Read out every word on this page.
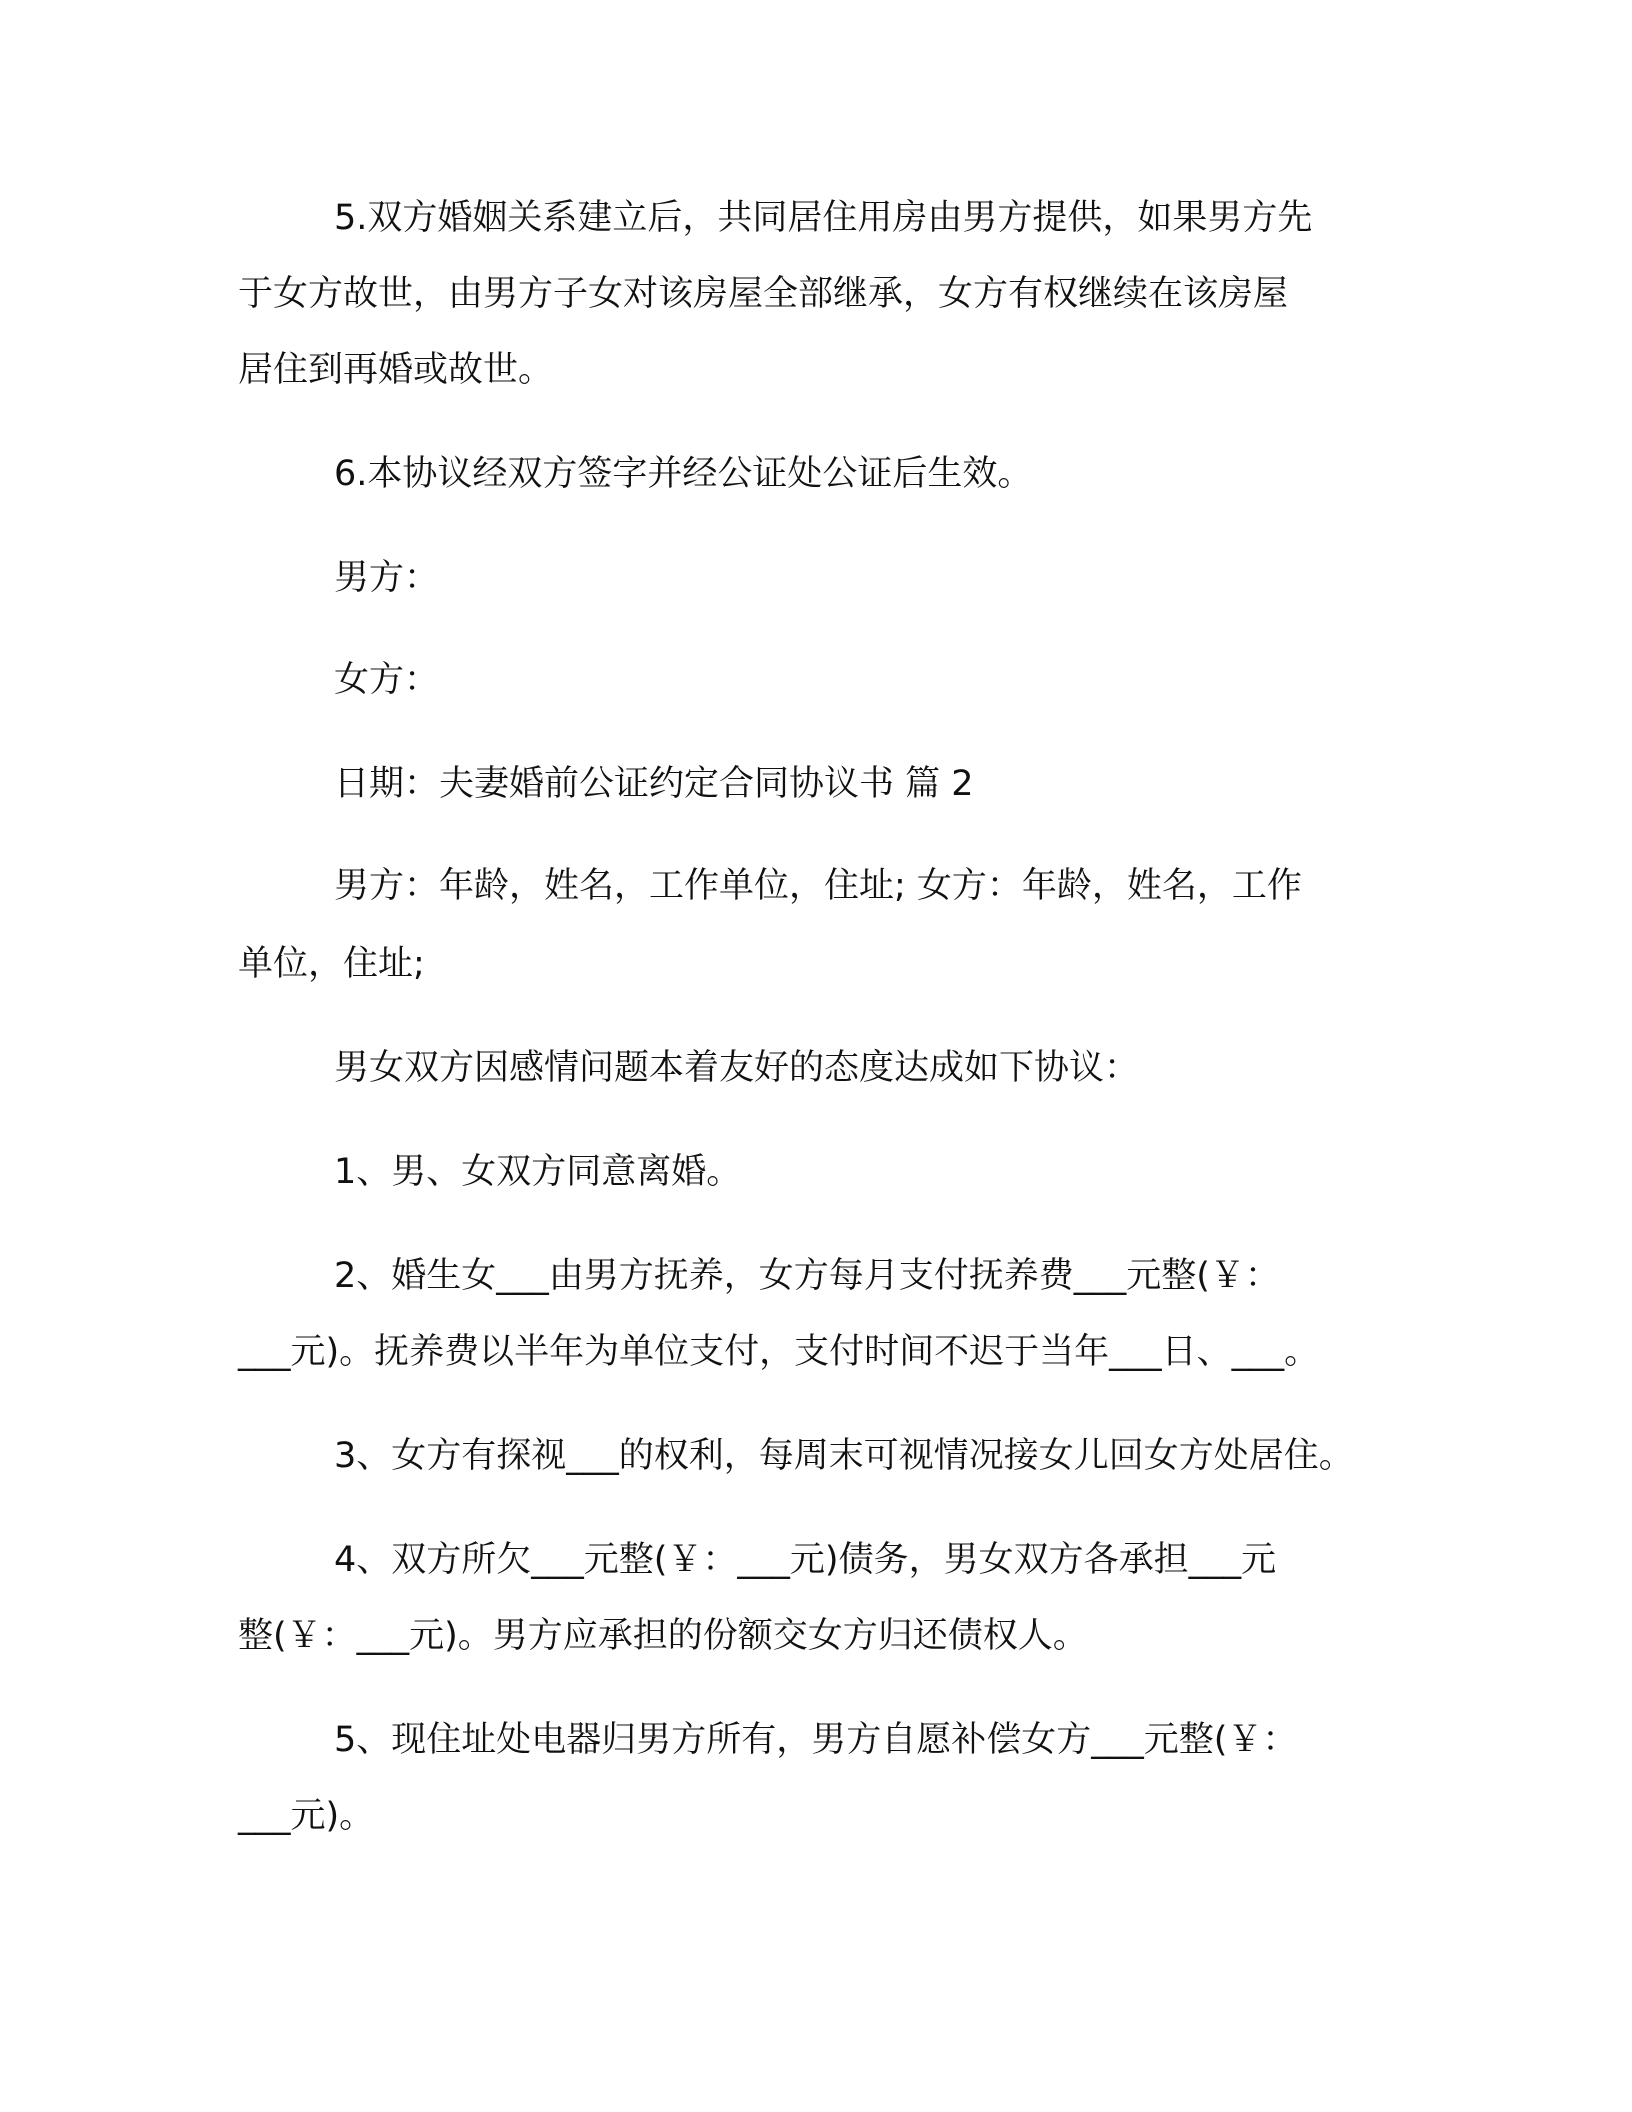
5.双方婚姻关系建立后，共同居住用房由男方提供，如果男方先
于女方故世，由男方子女对该房屋全部继承，女方有权继续在该房屋
居住到再婚或故世。
6.本协议经双方签字并经公证处公证后生效。
男方：
女方：
日期：夫妻婚前公证约定合同协议书 篇 2
男方：年龄，姓名，工作单位，住址; 女方：年龄，姓名，工作
单位，住址;
男女双方因感情问题本着友好的态度达成如下协议：
1、男、女双方同意离婚。
2、婚生女___由男方抚养，女方每月支付抚养费___元整(￥：
___元)。抚养费以半年为单位支付，支付时间不迟于当年___日、___。
3、女方有探视___的权利，每周末可视情况接女儿回女方处居住。
4、双方所欠___元整(￥：___元)债务，男女双方各承担___元
整(￥：___元)。男方应承担的份额交女方归还债权人。
5、现住址处电器归男方所有，男方自愿补偿女方___元整(￥：
___元)。
